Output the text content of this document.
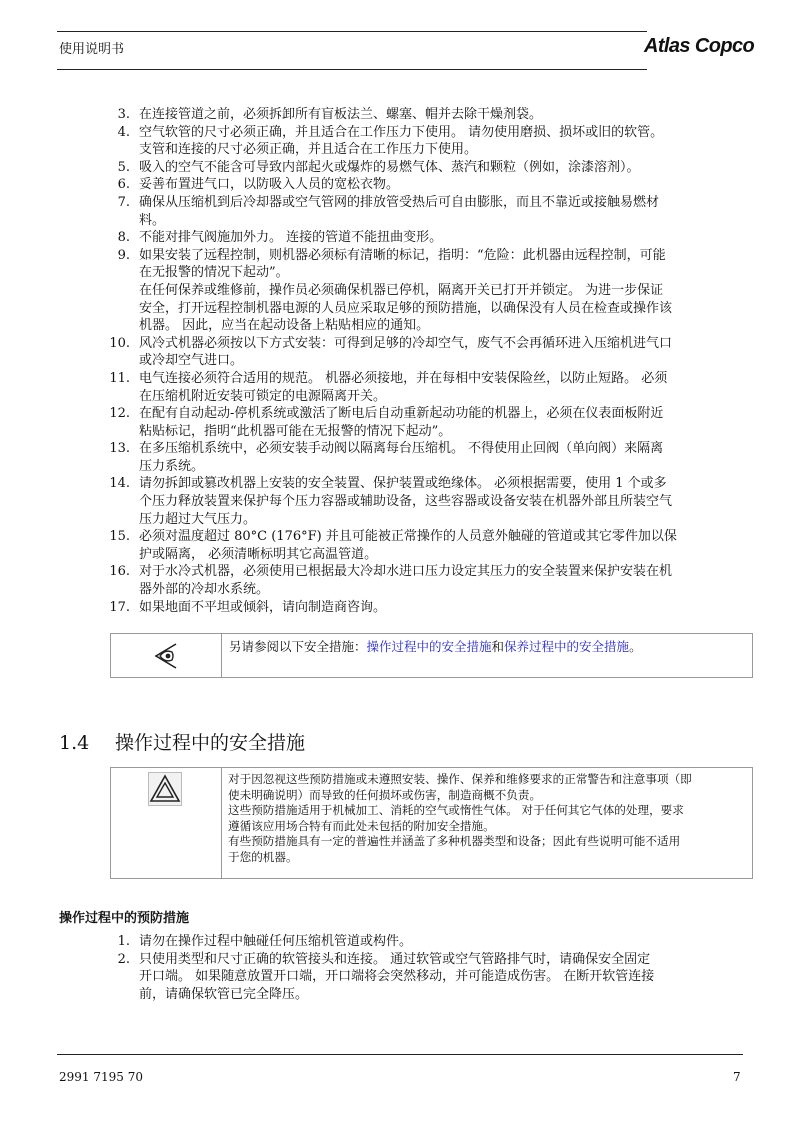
使用说明书	Atlas Copco
3. 在连接管道之前，必须拆卸所有盲板法兰、螺塞、帽并去除干燥剂袋。
4. 空气软管的尺寸必须正确，并且适合在工作压力下使用。 请勿使用磨损、损坏或旧的软管。
支管和连接的尺寸必须正确，并且适合在工作压力下使用。
5. 吸入的空气不能含可导致内部起火或爆炸的易燃气体、蒸汽和颗粒（例如，涂漆溶剂）。
6. 妥善布置进气口，以防吸入人员的宽松衣物。
7. 确保从压缩机到后冷却器或空气管网的排放管受热后可自由膨胀，而且不靠近或接触易燃材
料。
8. 不能对排气阀施加外力。 连接的管道不能扭曲变形。
9. 如果安装了远程控制，则机器必须标有清晰的标记，指明：“危险：此机器由远程控制，可能
在无报警的情况下起动”。
在任何保养或维修前，操作员必须确保机器已停机，隔离开关已打开并锁定。 为进一步保证
安全，打开远程控制机器电源的人员应采取足够的预防措施，以确保没有人员在检查或操作该
机器。 因此，应当在起动设备上粘贴相应的通知。
10. 风冷式机器必须按以下方式安装：可得到足够的冷却空气，废气不会再循环进入压缩机进气口
或冷却空气进口。
11. 电气连接必须符合适用的规范。 机器必须接地，并在每相中安装保险丝，以防止短路。 必须
在压缩机附近安装可锁定的电源隔离开关。
12. 在配有自动起动-停机系统或激活了断电后自动重新起动功能的机器上，必须在仪表面板附近
粘贴标记，指明“此机器可能在无报警的情况下起动”。
13. 在多压缩机系统中，必须安装手动阀以隔离每台压缩机。 不得使用止回阀（单向阀）来隔离
压力系统。
14. 请勿拆卸或篡改机器上安装的安全装置、保护装置或绝缘体。 必须根据需要，使用 1 个或多
个压力释放装置来保护每个压力容器或辅助设备，这些容器或设备安装在机器外部且所装空气
压力超过大气压力。
15. 必须对温度超过 80°C (176°F) 并且可能被正常操作的人员意外触碰的管道或其它零件加以保
护或隔离， 必须清晰标明其它高温管道。
16. 对于水冷式机器，必须使用已根据最大冷却水进口压力设定其压力的安全装置来保护安装在机
器外部的冷却水系统。
17. 如果地面不平坦或倾斜，请向制造商咨询。
另请参阅以下安全措施：操作过程中的安全措施和保养过程中的安全措施。
1.4 操作过程中的安全措施
对于因忽视这些预防措施或未遵照安装、操作、保养和维修要求的正常警告和注意事项（即
使未明确说明）而导致的任何损坏或伤害，制造商概不负责。
这些预防措施适用于机械加工、消耗的空气或惰性气体。 对于任何其它气体的处理，要求
遵循该应用场合特有而此处未包括的附加安全措施。
有些预防措施具有一定的普遍性并涵盖了多种机器类型和设备；因此有些说明可能不适用
于您的机器。
操作过程中的预防措施
1. 请勿在操作过程中触碰任何压缩机管道或构件。
2. 只使用类型和尺寸正确的软管接头和连接。 通过软管或空气管路排气时，请确保安全固定
开口端。 如果随意放置开口端，开口端将会突然移动，并可能造成伤害。 在断开软管连接
前，请确保软管已完全降压。
2991 7195 70	7
